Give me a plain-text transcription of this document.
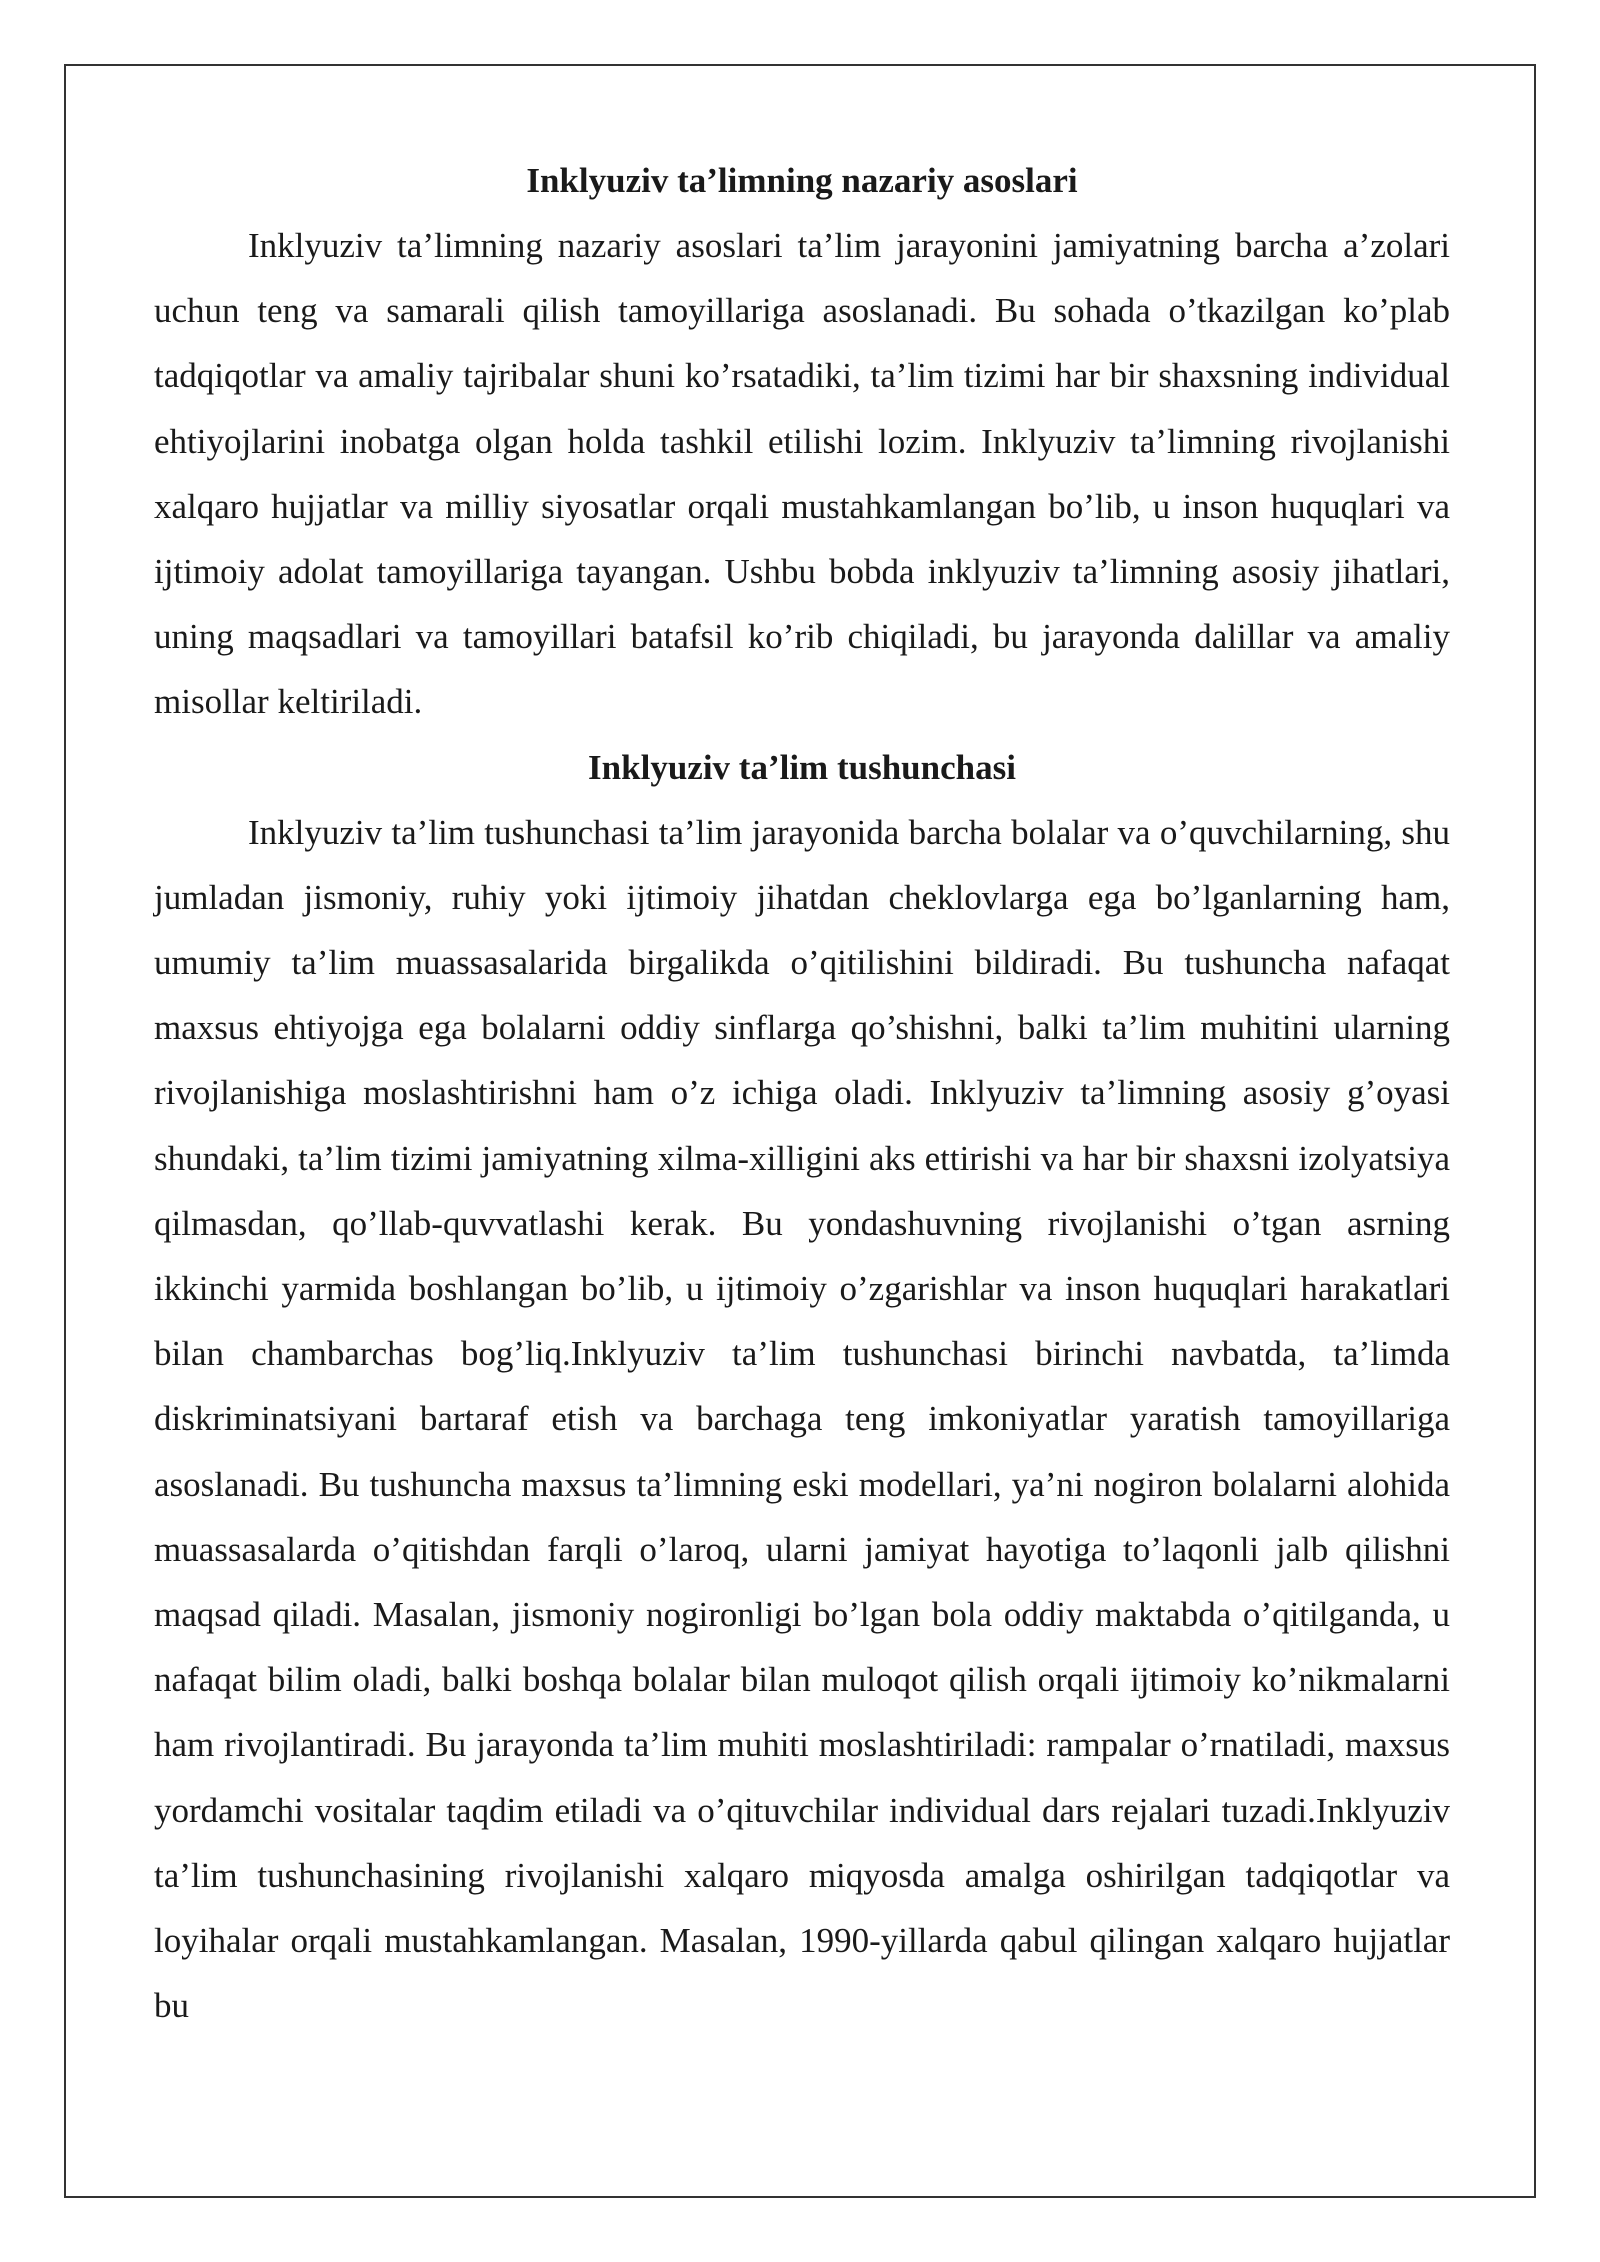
Inklyuziv ta’limning nazariy asoslari

Inklyuziv ta’limning nazariy asoslari ta’lim jarayonini jamiyatning barcha a’zolari uchun teng va samarali qilish tamoyillariga asoslanadi. Bu sohada o’tkazilgan ko’plab tadqiqotlar va amaliy tajribalar shuni ko’rsatadiki, ta’lim tizimi har bir shaxsning individual ehtiyojlarini inobatga olgan holda tashkil etilishi lozim. Inklyuziv ta’limning rivojlanishi xalqaro hujjatlar va milliy siyosatlar orqali mustahkamlangan bo’lib, u inson huquqlari va ijtimoiy adolat tamoyillariga tayangan. Ushbu bobda inklyuziv ta’limning asosiy jihatlari, uning maqsadlari va tamoyillari batafsil ko’rib chiqiladi, bu jarayonda dalillar va amaliy misollar keltiriladi.

Inklyuziv ta’lim tushunchasi

Inklyuziv ta’lim tushunchasi ta’lim jarayonida barcha bolalar va o’quvchilarning, shu jumladan jismoniy, ruhiy yoki ijtimoiy jihatdan cheklovlarga ega bo’lganlarning ham, umumiy ta’lim muassasalarida birgalikda o’qitilishini bildiradi. Bu tushuncha nafaqat maxsus ehtiyojga ega bolalarni oddiy sinflarga qo’shishni, balki ta’lim muhitini ularning rivojlanishiga moslashtirishni ham o’z ichiga oladi. Inklyuziv ta’limning asosiy g’oyasi shundaki, ta’lim tizimi jamiyatning xilma-xilligini aks ettirishi va har bir shaxsni izolyatsiya qilmasdan, qo’llab-quvvatlashi kerak. Bu yondashuvning rivojlanishi o’tgan asrning ikkinchi yarmida boshlangan bo’lib, u ijtimoiy o’zgarishlar va inson huquqlari harakatlari bilan chambarchas bog’liq.Inklyuziv ta’lim tushunchasi birinchi navbatda, ta’limda diskriminatsiyani bartaraf etish va barchaga teng imkoniyatlar yaratish tamoyillariga asoslanadi. Bu tushuncha maxsus ta’limning eski modellari, ya’ni nogiron bolalarni alohida muassasalarda o’qitishdan farqli o’laroq, ularni jamiyat hayotiga to’laqonli jalb qilishni maqsad qiladi. Masalan, jismoniy nogironligi bo’lgan bola oddiy maktabda o’qitilganda, u nafaqat bilim oladi, balki boshqa bolalar bilan muloqot qilish orqali ijtimoiy ko’nikmalarni ham rivojlantiradi. Bu jarayonda ta’lim muhiti moslashtiriladi: rampalar o’rnatiladi, maxsus yordamchi vositalar taqdim etiladi va o’qituvchilar individual dars rejalari tuzadi.Inklyuziv ta’lim tushunchasining rivojlanishi xalqaro miqyosda amalga oshirilgan tadqiqotlar va loyihalar orqali mustahkamlangan. Masalan, 1990-yillarda qabul qilingan xalqaro hujjatlar bu
